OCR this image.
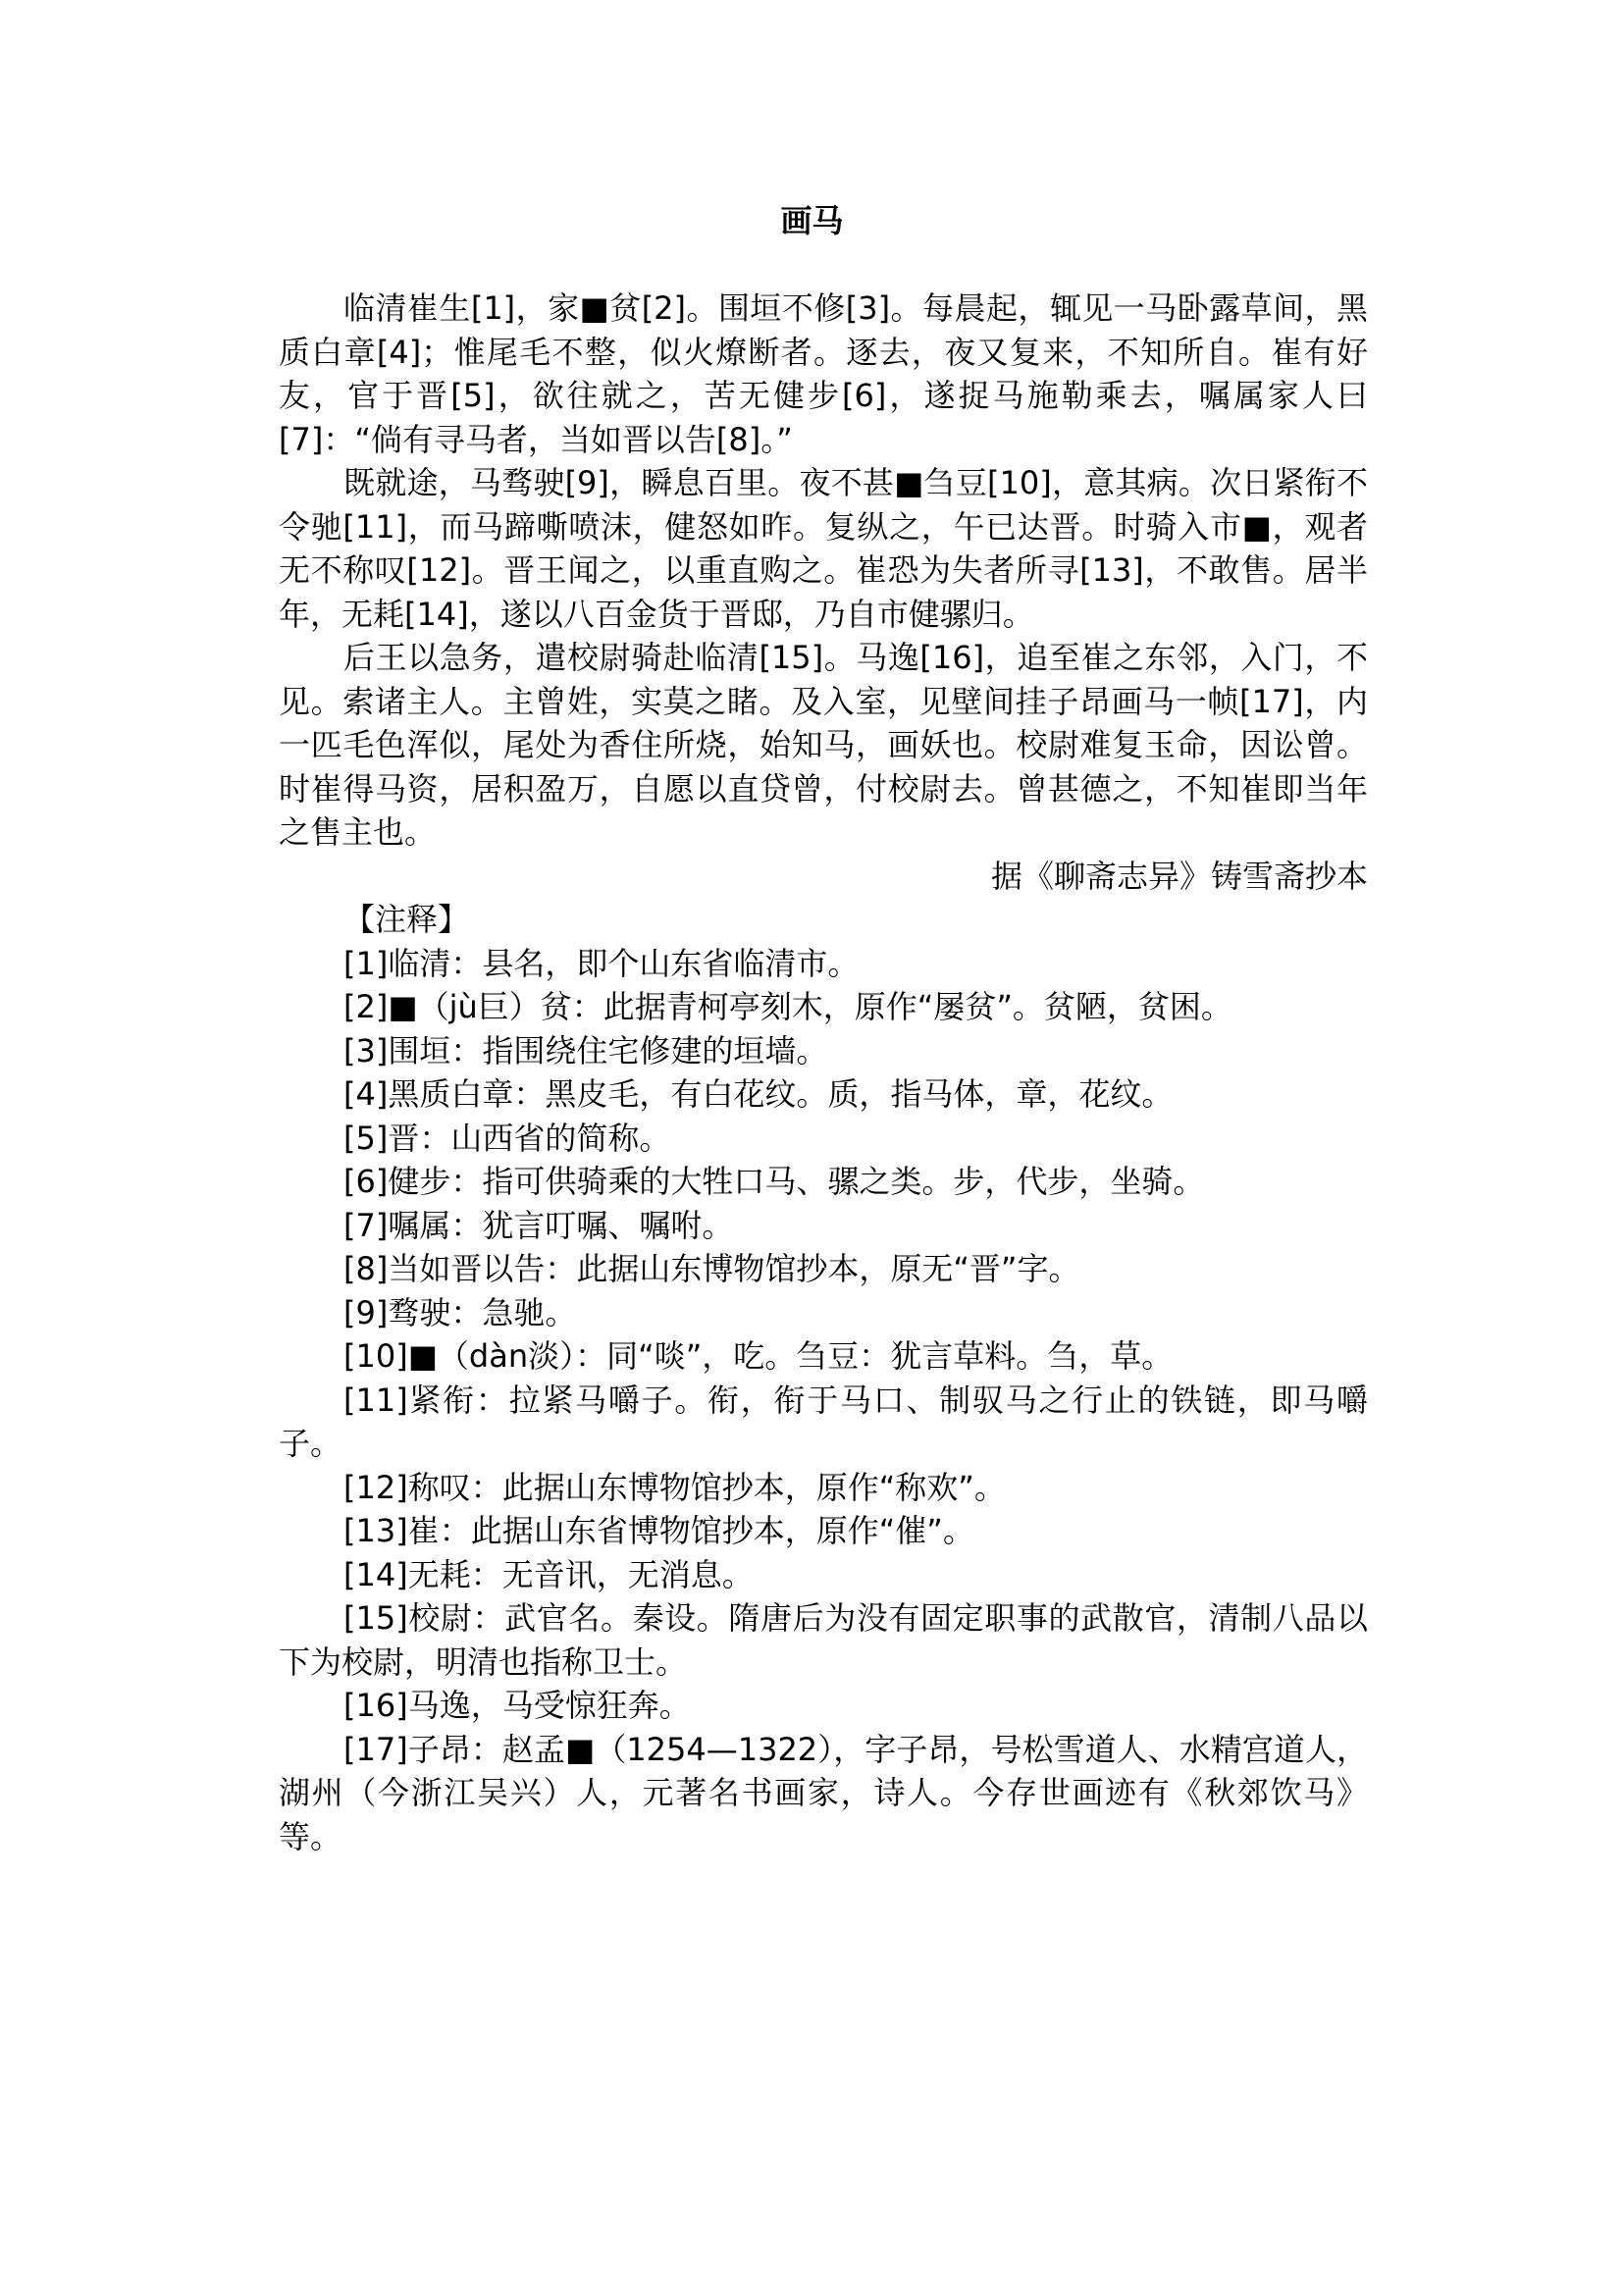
画马

临清崔生[1]，家■贫[2]。围垣不修[3]。每晨起，辄见一马卧露草间，黑质白章[4]；惟尾毛不整，似火燎断者。逐去，夜又复来，不知所自。崔有好友，官于晋[5]，欲往就之，苦无健步[6]，遂捉马施勒乘去，嘱属家人曰[7]：“倘有寻马者，当如晋以告[8]。”

既就途，马骛驶[9]，瞬息百里。夜不甚■刍豆[10]，意其病。次日紧衔不令驰[11]，而马蹄嘶喷沫，健怒如昨。复纵之，午已达晋。时骑入市■，观者无不称叹[12]。晋王闻之，以重直购之。崔恐为失者所寻[13]，不敢售。居半年，无耗[14]，遂以八百金货于晋邸，乃自市健骡归。

后王以急务，遣校尉骑赴临清[15]。马逸[16]，追至崔之东邻，入门，不见。索诸主人。主曾姓，实莫之睹。及入室，见壁间挂子昂画马一帧[17]，内一匹毛色浑似，尾处为香住所烧，始知马，画妖也。校尉难复玉命，因讼曾。时崔得马资，居积盈万，自愿以直贷曾，付校尉去。曾甚德之，不知崔即当年之售主也。

据《聊斋志异》铸雪斋抄本

【注释】

[1]临清：县名，即个山东省临清市。

[2]■（jù巨）贫：此据青柯亭刻木，原作“屡贫”。贫陋，贫困。

[3]围垣：指围绕住宅修建的垣墙。

[4]黑质白章：黑皮毛，有白花纹。质，指马体，章，花纹。

[5]晋：山西省的简称。

[6]健步：指可供骑乘的大牲口马、骡之类。步，代步，坐骑。

[7]嘱属：犹言叮嘱、嘱咐。

[8]当如晋以告：此据山东博物馆抄本，原无“晋”字。

[9]骛驶：急驰。

[10]■（dàn淡）：同“啖”，吃。刍豆：犹言草料。刍，草。

[11]紧衔：拉紧马嚼子。衔，衔于马口、制驭马之行止的铁链，即马嚼子。

[12]称叹：此据山东博物馆抄本，原作“称欢”。

[13]崔：此据山东省博物馆抄本，原作“催”。

[14]无耗：无音讯，无消息。

[15]校尉：武官名。秦设。隋唐后为没有固定职事的武散官，清制八品以下为校尉，明清也指称卫士。

[16]马逸，马受惊狂奔。

[17]子昂：赵孟■（1254—1322），字子昂，号松雪道人、水精宫道人，湖州（今浙江吴兴）人，元著名书画家，诗人。今存世画迹有《秋郊饮马》等。
